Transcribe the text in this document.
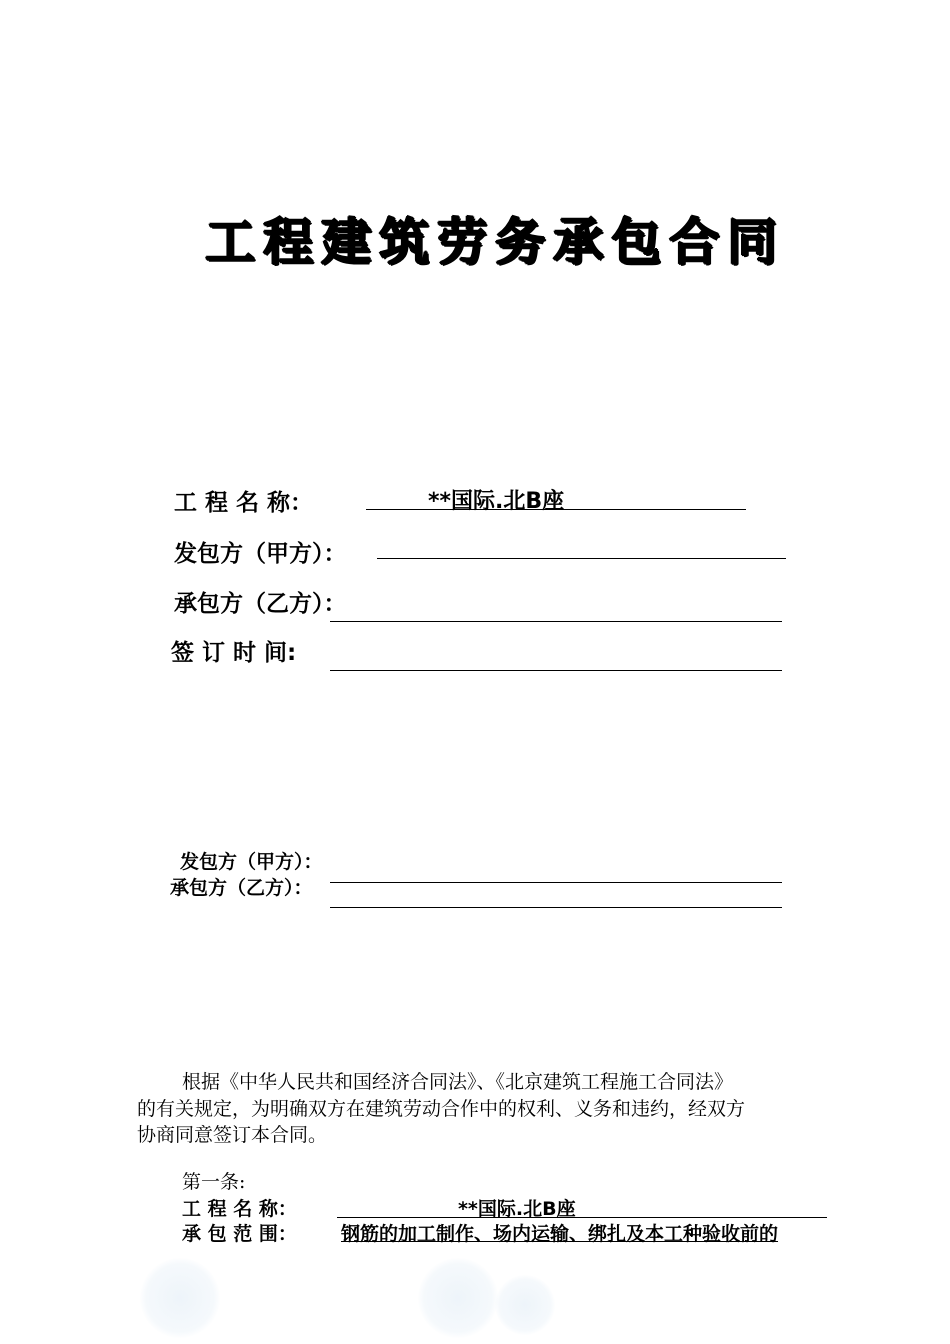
工程建筑劳务承包合同
工 程 名 称：	**国际.北B座
发包方（甲方）：
承包方（乙方）：
签 订 时 间:
发包方（甲方）：
承包方（乙方）：
根据《中华人民共和国经济合同法》、《北京建筑工程施工合同法》
的有关规定，为明确双方在建筑劳动合作中的权利、义务和违约，经双方
协商同意签订本合同。
第一条:
工 程 名 称：	**国际.北B座
承 包 范 围： 钢筋的加工制作、场内运输、绑扎及本工种验收前的
